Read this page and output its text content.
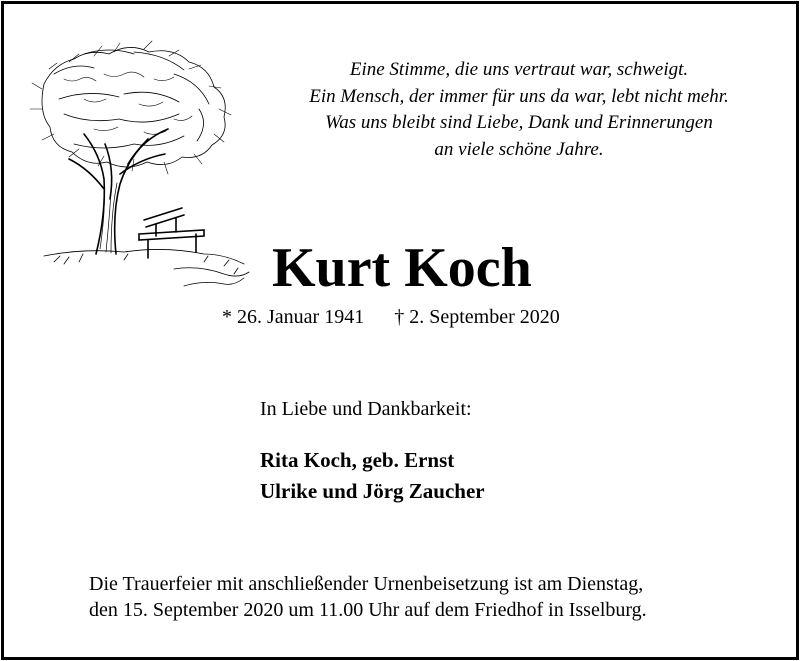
Eine Stimme, die uns vertraut war, schweigt.
Ein Mensch, der immer für uns da war, lebt nicht mehr.
Was uns bleibt sind Liebe, Dank und Erinnerungen
an viele schöne Jahre.
Kurt Koch
* 26. Januar 1941 † 2. September 2020
In Liebe und Dankbarkeit:
Rita Koch, geb. Ernst
Ulrike und Jörg Zaucher
Die Trauerfeier mit anschließender Urnenbeisetzung ist am Dienstag,
den 15. September 2020 um 11.00 Uhr auf dem Friedhof in Isselburg.
